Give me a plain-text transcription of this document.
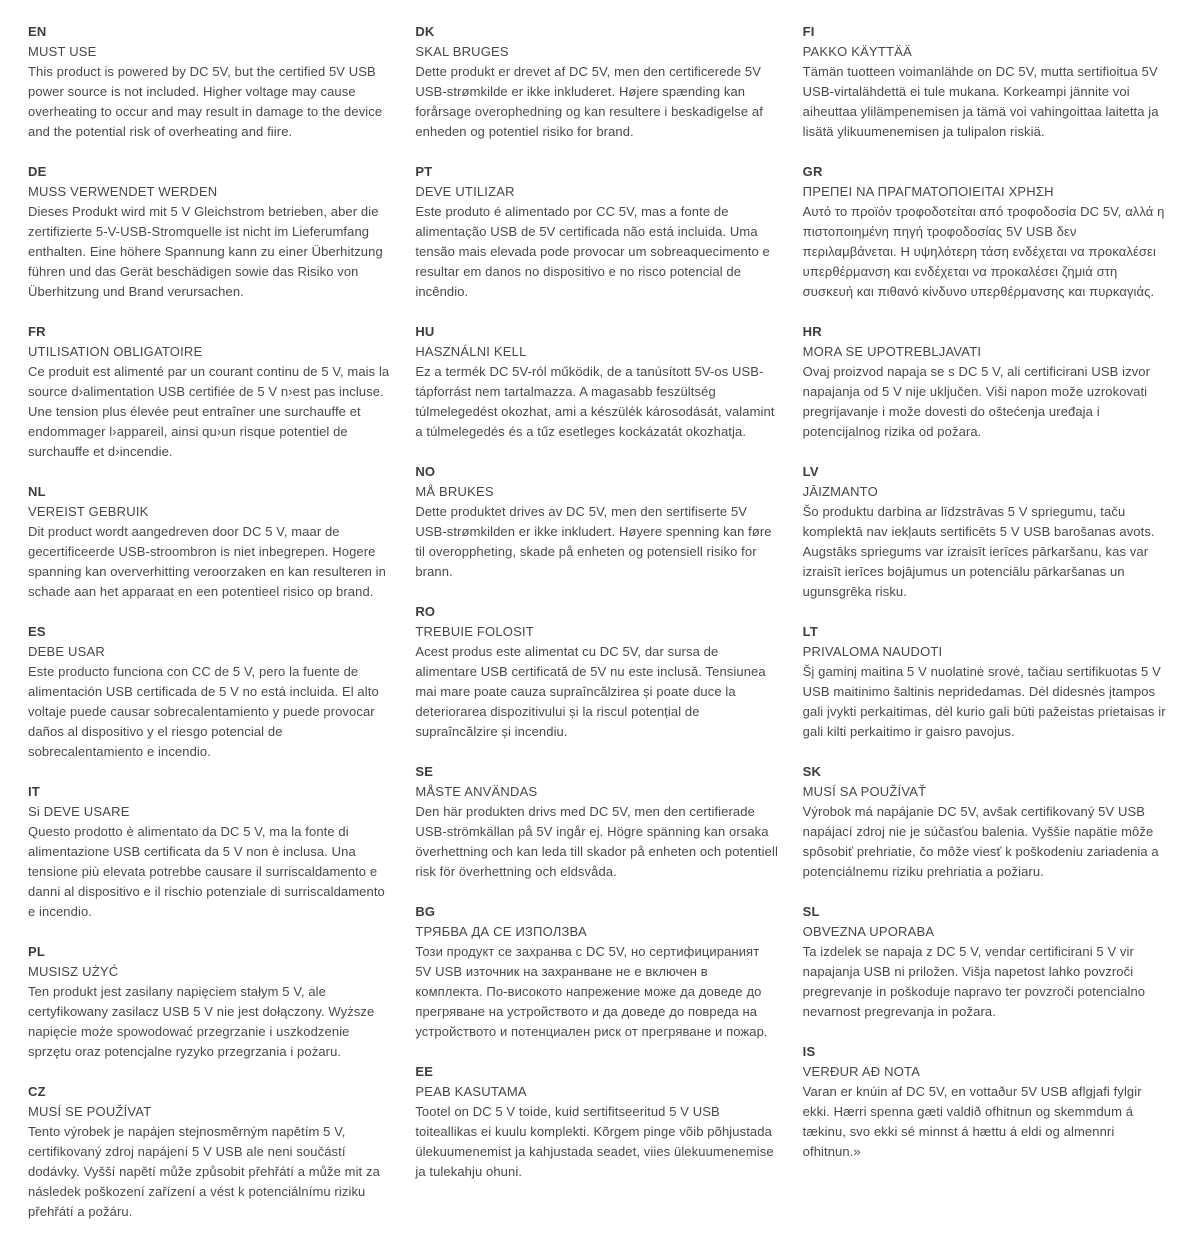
EN
MUST USE

This product is powered by DC 5V, but the certified 5V USB power source is not included. Higher voltage may cause overheating to occur and may result in damage to the device and the potential risk of overheating and fiire.

DE
MUSS VERWENDET WERDEN

Dieses Produkt wird mit 5 V Gleichstrom betrieben, aber die zertifizierte 5-V-USB-Stromquelle ist nicht im Lieferumfang enthalten. Eine höhere Spannung kann zu einer Überhitzung führen und das Gerät beschädigen sowie das Risiko von Überhitzung und Brand verursachen.

FR
UTILISATION OBLIGATOIRE

Ce produit est alimenté par un courant continu de 5 V, mais la source d›alimentation USB certifiée de 5 V n›est pas incluse. Une tension plus élevée peut entraîner une surchauffe et endommager l›appareil, ainsi qu›un risque potentiel de surchauffe et d›incendie.

NL
VEREIST GEBRUIK

Dit product wordt aangedreven door DC 5 V, maar de gecertificeerde USB-stroombron is niet inbegrepen. Hogere spanning kan oververhitting veroorzaken en kan resulteren in schade aan het apparaat en een potentieel risico op brand.

ES
DEBE USAR

Este producto funciona con CC de 5 V, pero la fuente de alimentación USB certificada de 5 V no está incluida. El alto voltaje puede causar sobrecalentamiento y puede provocar daños al dispositivo y el riesgo potencial de sobrecalentamiento e incendio.

IT
Si DEVE USARE

Questo prodotto è alimentato da DC 5 V, ma la fonte di alimentazione USB certificata da 5 V non è inclusa. Una tensione più elevata potrebbe causare il surriscaldamento e danni al dispositivo e il rischio potenziale di surriscaldamento e incendio.

PL
MUSISZ UŻYĆ

Ten produkt jest zasilany napięciem stałym 5 V, ale certyfikowany zasilacz USB 5 V nie jest dołączony. Wyższe napięcie może spowodować przegrzanie i uszkodzenie sprzętu oraz potencjalne ryzyko przegrzania i pożaru.

CZ
MUSÍ SE POUŽÍVAT

Tento výrobek je napájen stejnosměrným napětím 5 V, certifikovaný zdroj napájení 5 V USB ale neni součástí dodávky. Vyšší napětí může způsobit přehřátí a může mit za následek poškození zařízení a vést k potenciálnímu riziku přehřátí a požáru.

DK
SKAL BRUGES

Dette produkt er drevet af DC 5V, men den certificerede 5V USB-strømkilde er ikke inkluderet. Højere spænding kan forårsage overophedning og kan resultere i beskadigelse af enheden og potentiel risiko for brand.

PT
DEVE UTILIZAR

Este produto é alimentado por CC 5V, mas a fonte de alimentação USB de 5V certificada não está incluida. Uma tensão mais elevada pode provocar um sobreaquecimento e resultar em danos no dispositivo e no risco potencial de incêndio.

HU
HASZNÁLNI KELL

Ez a termék DC 5V-ról működik, de a tanúsított 5V-os USB-tápforrást nem tartalmazza. A magasabb feszültség túlmelegedést okozhat, ami a készülék károsodását, valamint a túlmelegedés és a tűz esetleges kockázatát okozhatja.

NO
MÅ BRUKES

Dette produktet drives av DC 5V, men den sertifiserte 5V USB-strømkilden er ikke inkludert. Høyere spenning kan føre til overoppheting, skade på enheten og potensiell risiko for brann.

RO
TREBUIE FOLOSIT

Acest produs este alimentat cu DC 5V, dar sursa de alimentare USB certificată de 5V nu este inclusă. Tensiunea mai mare poate cauza supraîncălzirea și poate duce la deteriorarea dispozitivului și la riscul potențial de supraîncălzire și incendiu.

SE
MÅSTE ANVÄNDAS

Den här produkten drivs med DC 5V, men den certifierade USB-strömkällan på 5V ingår ej. Högre spänning kan orsaka överhettning och kan leda till skador på enheten och potentiell risk för överhettning och eldsvåda.

BG
ТРЯБВА ДА СЕ ИЗПОЛЗВА

Този продукт се захранва с DC 5V, но сертифицираният 5V USB източник на захранване не е включен в комплекта. По-високото напрежение може да доведе до прегряване на устройството и да доведе до повреда на устройството и потенциален риск от прегряване и пожар.

EE
PEAB KASUTAMA

Tootel on DC 5 V toide, kuid sertifitseeritud 5 V USB toiteallikas ei kuulu komplekti. Kõrgem pinge võib põhjustada ülekuumenemist ja kahjustada seadet, viies ülekuumenemise ja tulekahju ohuni.

FI
PAKKO KÄYTTÄÄ

Tämän tuotteen voimanlähde on DC 5V, mutta sertifioitua 5V USB-virtalähdettä ei tule mukana. Korkeampi jännite voi aiheuttaa ylilämpenemisen ja tämä voi vahingoittaa laitetta ja lisätä ylikuumenemisen ja tulipalon riskiä.

GR
ΠΡΕΠΕΙ ΝΑ ΠΡΑΓΜΑΤΟΠΟΙΕΙΤΑΙ ΧΡΗΣΗ

Αυτό το προϊόν τροφοδοτείται από τροφοδοσία DC 5V, αλλά η πιστοποιημένη πηγή τροφοδοσίας 5V USB δεν περιλαμβάνεται. Η υψηλότερη τάση ενδέχεται να προκαλέσει υπερθέρμανση και ενδέχεται να προκαλέσει ζημιά στη συσκευή και πιθανό κίνδυνο υπερθέρμανσης και πυρκαγιάς.

HR
MORA SE UPOTREBLJAVATI

Ovaj proizvod napaja se s DC 5 V, ali certificirani USB izvor napajanja od 5 V nije uključen. Viši napon može uzrokovati pregrijavanje i može dovesti do oštećenja uređaja i potencijalnog rizika od požara.

LV
JĀIZMANTO

Šo produktu darbina ar līdzstrāvas 5 V spriegumu, taču komplektā nav iekļauts sertificēts 5 V USB barošanas avots. Augstāks spriegums var izraisīt ierīces pārkaršanu, kas var izraisīt ierīces bojājumus un potenciālu pārkaršanas un ugunsgrēka risku.

LT
PRIVALOMA NAUDOTI

Šį gaminį maitina 5 V nuolatinė srovė, tačiau sertifikuotas 5 V USB maitinimo šaltinis nepridedamas. Dėl didesnės įtampos gali įvykti perkaitimas, dėl kurio gali būti pažeistas prietaisas ir gali kilti perkaitimo ir gaisro pavojus.

SK
MUSÍ SA POUŽÍVAŤ

Výrobok má napájanie DC 5V, avšak certifikovaný 5V USB napájací zdroj nie je súčasťou balenia. Vyššie napätie môže spôsobiť prehriatie, čo môže viesť k poškodeniu zariadenia a potenciálnemu riziku prehriatia a požiaru.

SL
OBVEZNA UPORABA

Ta izdelek se napaja z DC 5 V, vendar certificirani 5 V vir napajanja USB ni priložen. Višja napetost lahko povzroči pregrevanje in poškoduje napravo ter povzroči potencialno nevarnost pregrevanja in požara.

IS
VERÐUR AÐ NOTA

Varan er knúin af DC 5V, en vottaður 5V USB aflgjafi fylgir ekki. Hærri spenna gæti valdið ofhitnun og skemmdum á tækinu, svo ekki sé minnst á hættu á eldi og almennri ofhitnun.»
